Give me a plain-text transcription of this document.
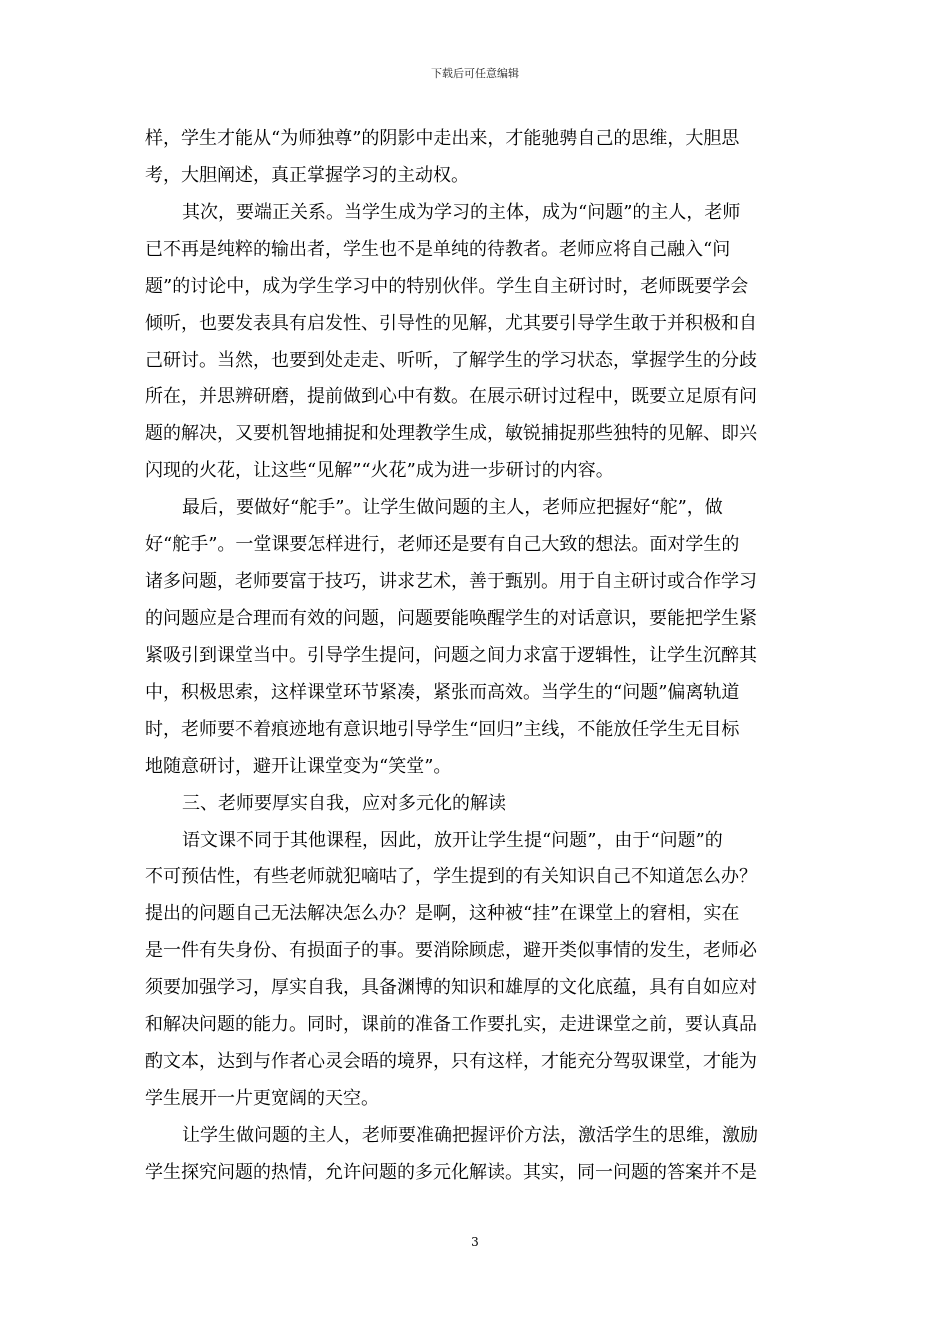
下载后可任意编辑
样，学生才能从“为师独尊”的阴影中走出来，才能驰骋自己的思维，大胆思
考，大胆阐述，真正掌握学习的主动权。
其次，要端正关系。当学生成为学习的主体，成为“问题”的主人，老师
已不再是纯粹的输出者，学生也不是单纯的待教者。老师应将自己融入“问
题”的讨论中，成为学生学习中的特别伙伴。学生自主研讨时，老师既要学会
倾听，也要发表具有启发性、引导性的见解，尤其要引导学生敢于并积极和自
己研讨。当然，也要到处走走、听听，了解学生的学习状态，掌握学生的分歧
所在，并思辨研磨，提前做到心中有数。在展示研讨过程中，既要立足原有问
题的解决，又要机智地捕捉和处理教学生成，敏锐捕捉那些独特的见解、即兴
闪现的火花，让这些“见解”“火花”成为进一步研讨的内容。
最后，要做好“舵手”。让学生做问题的主人，老师应把握好“舵”，做
好“舵手”。一堂课要怎样进行，老师还是要有自己大致的想法。面对学生的
诸多问题，老师要富于技巧，讲求艺术，善于甄别。用于自主研讨或合作学习
的问题应是合理而有效的问题，问题要能唤醒学生的对话意识，要能把学生紧
紧吸引到课堂当中。引导学生提问，问题之间力求富于逻辑性，让学生沉醉其
中，积极思索，这样课堂环节紧凑，紧张而高效。当学生的“问题”偏离轨道
时，老师要不着痕迹地有意识地引导学生“回归”主线，不能放任学生无目标
地随意研讨，避开让课堂变为“笑堂”。
三、老师要厚实自我，应对多元化的解读
语文课不同于其他课程，因此，放开让学生提“问题”，由于“问题”的
不可预估性，有些老师就犯嘀咕了，学生提到的有关知识自己不知道怎么办？
提出的问题自己无法解决怎么办？是啊，这种被“挂”在课堂上的窘相，实在
是一件有失身份、有损面子的事。要消除顾虑，避开类似事情的发生，老师必
须要加强学习，厚实自我，具备渊博的知识和雄厚的文化底蕴，具有自如应对
和解决问题的能力。同时，课前的准备工作要扎实，走进课堂之前，要认真品
酌文本，达到与作者心灵会晤的境界，只有这样，才能充分驾驭课堂，才能为
学生展开一片更宽阔的天空。
让学生做问题的主人，老师要准确把握评价方法，激活学生的思维，激励
学生探究问题的热情，允许问题的多元化解读。其实，同一问题的答案并不是
3
